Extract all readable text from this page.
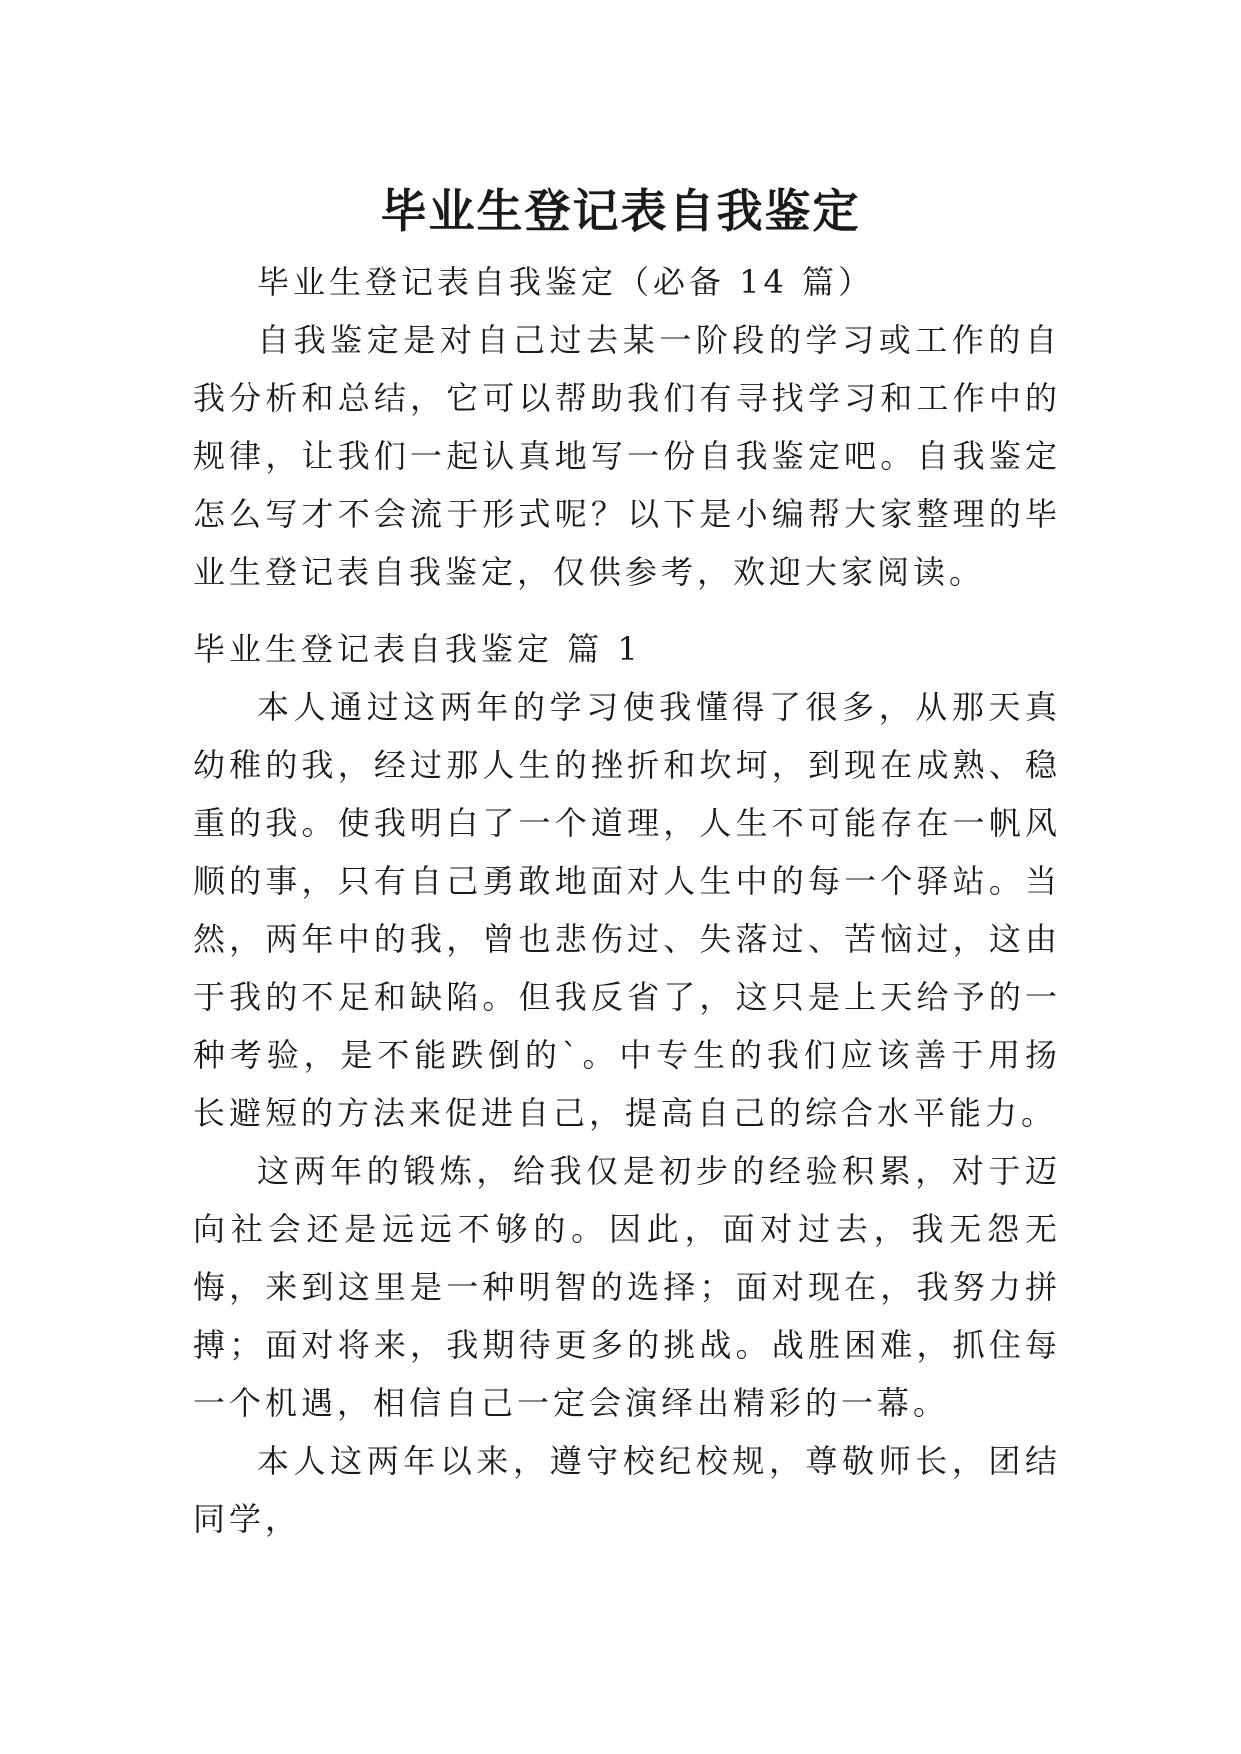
毕业生登记表自我鉴定

毕业生登记表自我鉴定（必备 14 篇）

自我鉴定是对自己过去某一阶段的学习或工作的自我分析和总结，它可以帮助我们有寻找学习和工作中的规律，让我们一起认真地写一份自我鉴定吧。自我鉴定怎么写才不会流于形式呢？以下是小编帮大家整理的毕业生登记表自我鉴定，仅供参考，欢迎大家阅读。

毕业生登记表自我鉴定 篇 1

本人通过这两年的学习使我懂得了很多，从那天真幼稚的我，经过那人生的挫折和坎坷，到现在成熟、稳重的我。使我明白了一个道理，人生不可能存在一帆风顺的事，只有自己勇敢地面对人生中的每一个驿站。当然，两年中的我，曾也悲伤过、失落过、苦恼过，这由于我的不足和缺陷。但我反省了，这只是上天给予的一种考验，是不能跌倒的`。中专生的我们应该善于用扬长避短的方法来促进自己，提高自己的综合水平能力。

这两年的锻炼，给我仅是初步的经验积累，对于迈向社会还是远远不够的。因此，面对过去，我无怨无悔，来到这里是一种明智的选择；面对现在，我努力拼搏；面对将来，我期待更多的挑战。战胜困难，抓住每一个机遇，相信自己一定会演绎出精彩的一幕。

本人这两年以来，遵守校纪校规，尊敬师长，团结同学，
